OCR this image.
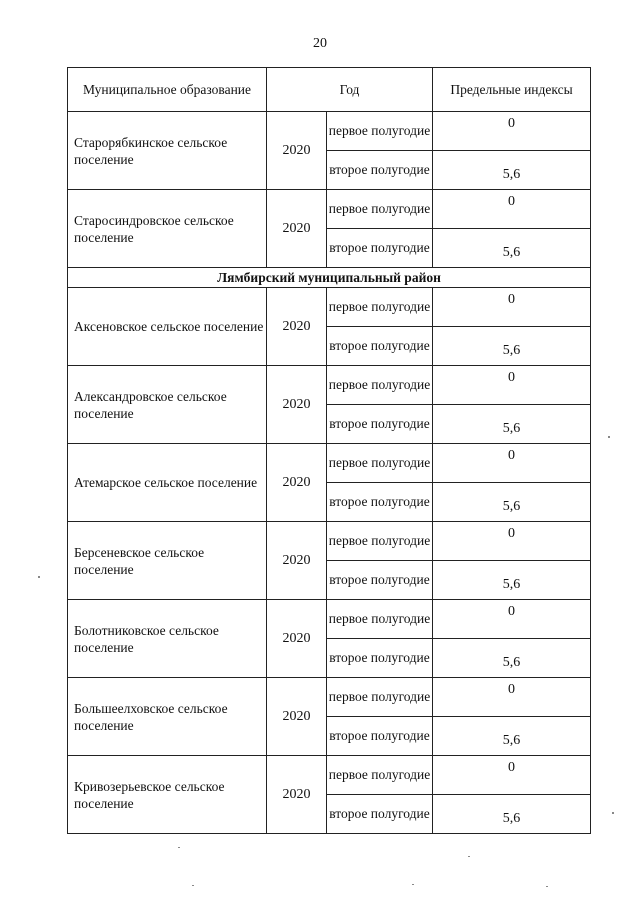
20
Муниципальное образование	Год		Предельные индексы
Старорябкинское сельское поселение	2020	первое полугодие	0
		второе полугодие	5,6
Старосиндровское сельское поселение	2020	первое полугодие	0
		второе полугодие	5,6
Лямбирский муниципальный район			
Аксеновское сельское поселение	2020	первое полугодие	0
		второе полугодие	5,6
Александровское сельское поселение	2020	первое полугодие	0
		второе полугодие	5,6
Атемарское сельское поселение	2020	первое полугодие	0
		второе полугодие	5,6
Берсеневское сельское поселение	2020	первое полугодие	0
		второе полугодие	5,6
Болотниковское сельское поселение	2020	первое полугодие	0
		второе полугодие	5,6
Большеелховское сельское поселение	2020	первое полугодие	0
		второе полугодие	5,6
Кривозерьевское сельское поселение	2020	первое полугодие	0
		второе полугодие	5,6
